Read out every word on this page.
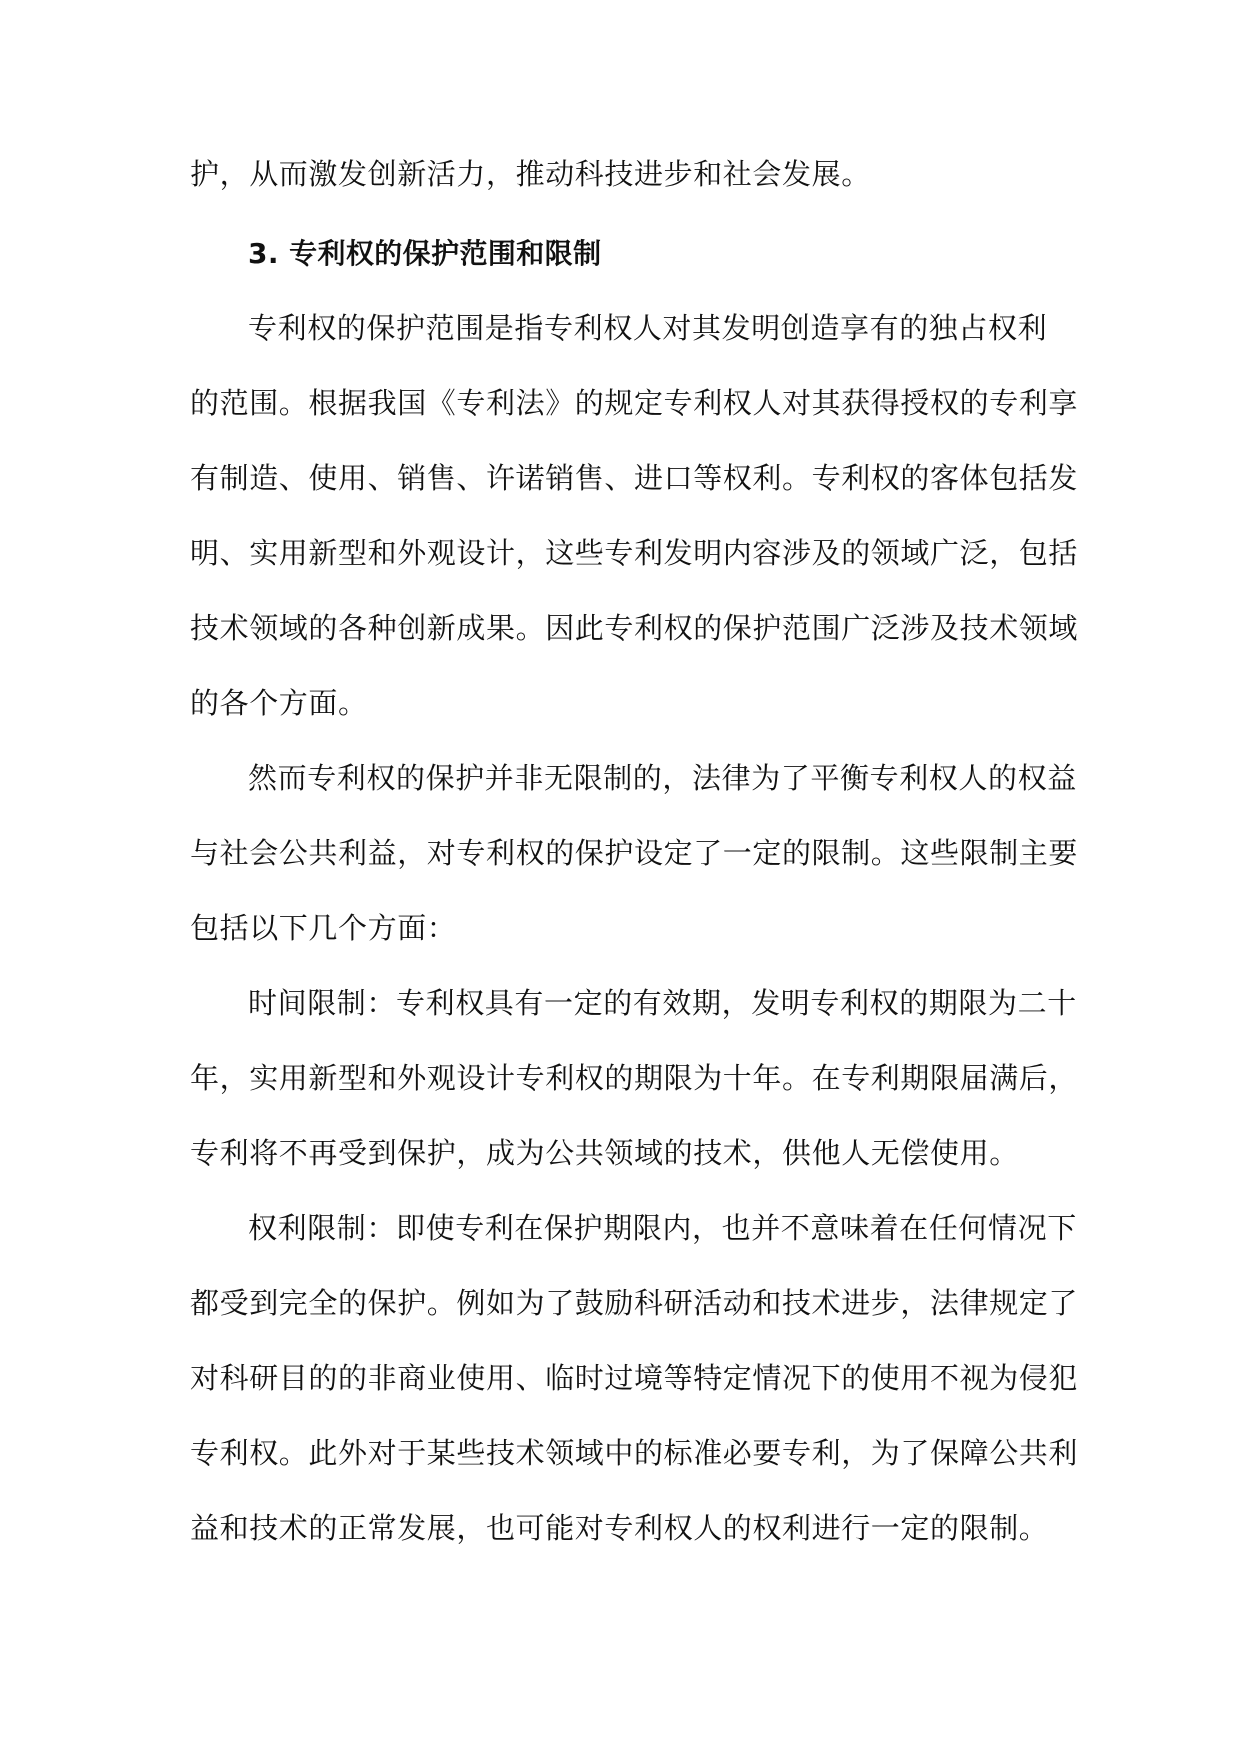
护，从而激发创新活力，推动科技进步和社会发展。
3. 专利权的保护范围和限制
专利权的保护范围是指专利权人对其发明创造享有的独占权利
的范围。根据我国《专利法》的规定专利权人对其获得授权的专利享
有制造、使用、销售、许诺销售、进口等权利。专利权的客体包括发
明、实用新型和外观设计，这些专利发明内容涉及的领域广泛，包括
技术领域的各种创新成果。因此专利权的保护范围广泛涉及技术领域
的各个方面。
然而专利权的保护并非无限制的，法律为了平衡专利权人的权益
与社会公共利益，对专利权的保护设定了一定的限制。这些限制主要
包括以下几个方面：
时间限制：专利权具有一定的有效期，发明专利权的期限为二十
年，实用新型和外观设计专利权的期限为十年。在专利期限届满后，
专利将不再受到保护，成为公共领域的技术，供他人无偿使用。
权利限制：即使专利在保护期限内，也并不意味着在任何情况下
都受到完全的保护。例如为了鼓励科研活动和技术进步，法律规定了
对科研目的的非商业使用、临时过境等特定情况下的使用不视为侵犯
专利权。此外对于某些技术领域中的标准必要专利，为了保障公共利
益和技术的正常发展，也可能对专利权人的权利进行一定的限制。
